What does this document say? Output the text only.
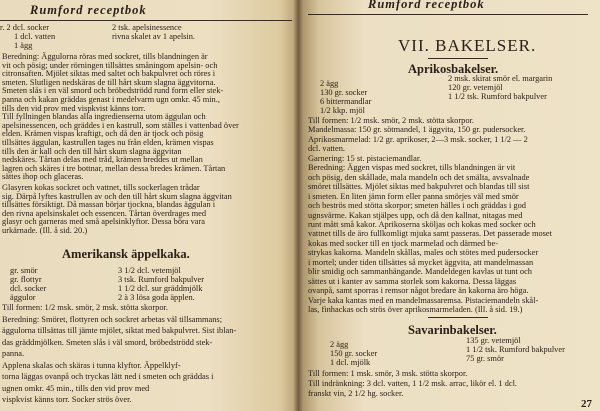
Rumford receptbok
r. 2 dcl. socker
1 dcl. vatten
1 ägg
2 tsk. apelsinessence
rivna skalet av 1 apelsin.
Beredning: Äggulorna röras med sockret, tills blandningen är
vit och pösig; under rörningen tillsättes småningom apelsin- och
citronsaften. Mjölet siktas med saltet och bakpulvret och röres i
smeten. Slutligen nedskäras de till hårt skum slagna äggvitorna.
Smeten slås i en väl smord och bröbedströdd rund form eller stek-
panna och kakan gräddas genast i medelvarm ugn omkr. 45 min.,
tills den vid prov med vispkvist känns torr.
Till fyllningen blandas alla ingredienserna utom äggulan och
apelsinessencen, och gräddes i en kastrull, som ställes i vattenbad över
elden. Krämen vispas kraftigt, och då den är tjock och pösig
tillsättes äggulan, kastrullen tages nu från elden, krämen vispas
tills den är kall och den till hårt skum slagna äggvitan
nedskäres. Tårtan delas med tråd, krämen breddes ut mellan
lagren och skäres i tre bottnar, mellan dessa bredes krämen. Tårtan
sättes ihop och glaceras.
Glasyren kokas sockret och vattnet, tills sockerlagen trådar
sig. Därpå lyftes kastrullen av och den till hårt skum slagna äggvitan
tillsättes försiktigt. Då massan börjar tjockna, blandas äggulan i
den rivna apelsinskalet och essencen. Tårtan överdrages med
glasyr och garneras med små apelsinklyftor. Dessa böra vara
urkärnade. (Ill. å sid. 20.)
Amerikansk äppelkaka.
gr. smör
gr. flottyr
dcl. socker
äggulor
3 1/2 dcl. vetemjöl
3 tsk. Rumford bakpulver
1 1/2 dcl. sur gräddmjölk
2 à 3 lösa goda äpplen.
Till formen: 1/2 msk. smör, 2 msk. stötta skorpor.
Beredning: Smöret, flottyren och sockret arbetas väl tillsammans;
äggulorna tillsättas till jämte mjölet, siktat med bakpulvret. Sist iblan-
das gräddmjölken. Smeten slås i väl smord, bröbedströdd stek-
panna.
Applena skalas och skäras i tunna klyftor. Äppelklyf-
torna läggas ovanpå och tryckas lätt ned i smeten och gräddas i
ugnen omkr. 45 min., tills den vid prov med
vispkvist känns torr. Socker strös över.
Rumford receptbok
VII. BAKELSER.
Aprikosbakelser.
2 ägg
130 gr. socker
6 bittermandlar
1/2 kkp. mjöl
2 msk. skirat smör el. margarin
120 gr. vetemjöl
1 1/2 tsk. Rumford bakpulver
Till formen: 1/2 msk. smör, 2 msk. stötta skorpor.
Mandelmassa: 150 gr. sötmandel, 1 äggvita, 150 gr. pudersocker.
Aprikosmarmelad: 1/2 gr. aprikoser, 2—3 msk. socker, 1 1/2 — 2
dcl. vatten.
Garnering: 15 st. pistaciemandlar.
Beredning: Äggen vispas med sockret, tills blandningen är vit
och pösig, den skållade, mala mandeln och det smälta, avsvalnade
smöret tillsättes. Mjölet siktas med bakpulvret och blandas till sist
i smeten. En liten jämn form eller panna smörjes väl med smör
och beströs med stötta skorpor; smeten hälles i och gräddas i god
ugnsvärme. Kakan stjälpes upp, och då den kallnat, nitagas med
runt mått små kakor. Aprikoserna sköljas och kokas med socker och
vattnet tills de äro fullkomligt mjuka samt passeras. Det passerade moset
kokas med socker till en tjock marmelad och därmed be-
strykas kakorna. Mandeln skållas, males och stötes med pudersocker
i mortel; under tiden tillsättes så mycket äggvita, att mandelmassan
blir smidig och sammanhängande. Mandeldegen kavlas ut tunt och
sättes ut i kanter av samma storlek som kakorna. Dessa läggas
ovanpå, samt sporras i remsor något bredare än kakorna äro höga.
Varje kaka kantas med en mandelmassaremsa. Pistaciemandeln skål-
las, finhackas och strös över aprikosmarmeladen. (Ill. å sid. 19.)
Savarinbakelser.
2 ägg
150 gr. socker
1 dcl. mjölk
135 gr. vetemjöl
1 1/2 tsk. Rumford bakpulver
75 gr. smör
Till formen: 1 msk. smör, 3 msk. stötta skorpor.
Till indränkning: 3 dcl. vatten, 1 1/2 msk. arrac, likör el. 1 dcl.
franskt vin, 2 1/2 hg. socker.
27
